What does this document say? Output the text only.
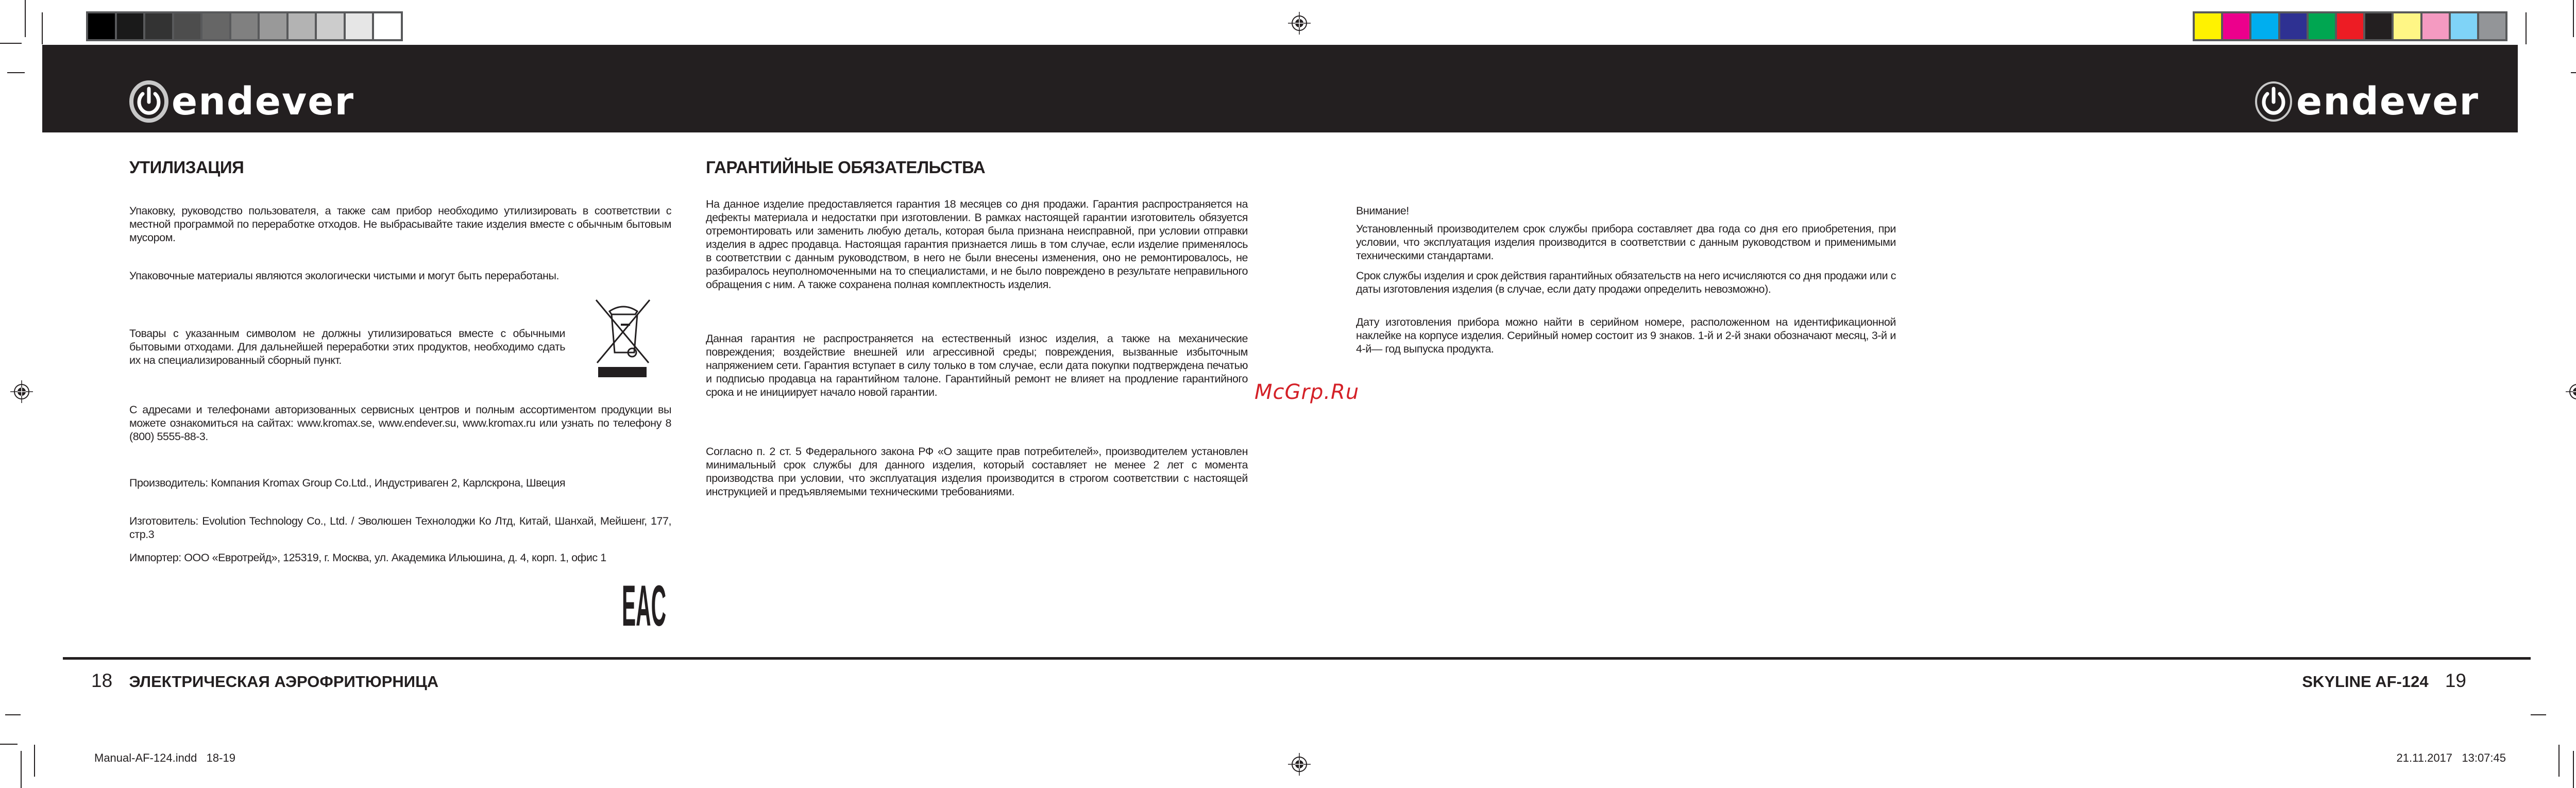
endever	endever
УТИЛИЗАЦИЯ

Упаковку, руководство пользователя, а также сам прибор необходимо утилизировать в соответствии с местной программой по переработке отходов. Не выбрасывайте такие изделия вместе с обычным бытовым мусором.

Упаковочные материалы являются экологически чистыми и могут быть переработаны.

Товары с указанным символом не должны утилизироваться вместе с обычными бытовыми отходами. Для дальнейшей переработки этих продуктов, необходимо сдать их на специализированный сборный пункт.

С адресами и телефонами авторизованных сервисных центров и полным ассортиментом продукции вы можете ознакомиться на сайтах: www.kromax.se, www.endever.su, www.kromax.ru или узнать по телефону 8 (800) 5555-88-3.

Производитель: Компания Kromax Group Co.Ltd., Индустриваген 2, Карлскрона, Швеция

Изготовитель: Evolution Technology Co., Ltd. / Эволюшен Технолоджи Ко Лтд, Китай, Шанхай, Мейшенг, 177, стр.3

Импортер: ООО «Евротрейд», 125319, г. Москва, ул. Академика Ильюшина, д. 4, корп. 1, офис 1

EAC
ГАРАНТИЙНЫЕ ОБЯЗАТЕЛЬСТВА

На данное изделие предоставляется гарантия 18 месяцев со дня продажи. Гарантия распространяется на дефекты материала и недостатки при изготовлении. В рамках настоящей гарантии изготовитель обязуется отремонтировать или заменить любую деталь, которая была признана неисправной, при условии отправки изделия в адрес продавца. Настоящая гарантия признается лишь в том случае, если изделие применялось в соответствии с данным руководством, в него не были внесены изменения, оно не ремонтировалось, не разбиралось неуполномоченными на то специалистами, и не было повреждено в результате неправильного обращения с ним. А также сохранена полная комплектность изделия.

Данная гарантия не распространяется на естественный износ изделия, а также на механические повреждения; воздействие внешней или агрессивной среды; повреждения, вызванные избыточным напряжением сети. Гарантия вступает в силу только в том случае, если дата покупки подтверждена печатью и подписью продавца на гарантийном талоне. Гарантийный ремонт не влияет на продление гарантийного срока и не инициирует начало новой гарантии.

Согласно п. 2 ст. 5 Федерального закона РФ «О защите прав потребителей», производителем установлен минимальный срок службы для данного изделия, который составляет не менее 2 лет с момента производства при условии, что эксплуатация изделия производится в строгом соответствии с настоящей инструкцией и предъявляемыми техническими требованиями.

McGrp.Ru

Внимание!

Установленный производителем срок службы прибора составляет два года со дня его приобретения, при условии, что эксплуатация изделия производится в соответствии с данным руководством и применимыми техническими стандартами.

Срок службы изделия и срок действия гарантийных обязательств на него исчисляются со дня продажи или с даты изготовления изделия (в случае, если дату продажи определить невозможно).

Дату изготовления прибора можно найти в серийном номере, расположенном на идентификационной наклейке на корпусе изделия. Серийный номер состоит из 9 знаков. 1-й и 2-й знаки обозначают месяц, 3-й и 4-й— год выпуска продукта.

18 ЭЛЕКТРИЧЕСКАЯ АЭРОФРИТЮРНИЦА	SKYLINE AF-124 19
Manual-AF-124.indd   18-19	21.11.2017   13:07:45
